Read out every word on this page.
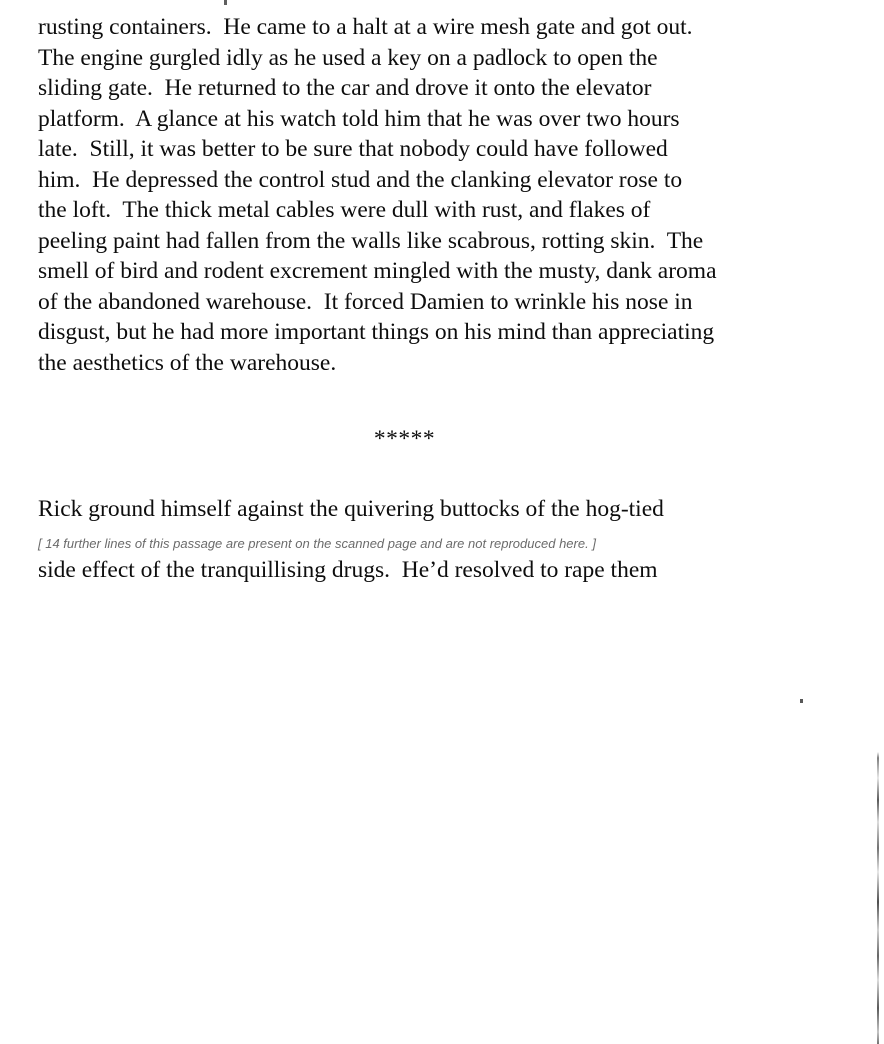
rusting containers.  He came to a halt at a wire mesh gate and got out.
The engine gurgled idly as he used a key on a padlock to open the
sliding gate.  He returned to the car and drove it onto the elevator
platform.  A glance at his watch told him that he was over two hours
late.  Still, it was better to be sure that nobody could have followed
him.  He depressed the control stud and the clanking elevator rose to
the loft.  The thick metal cables were dull with rust, and flakes of
peeling paint had fallen from the walls like scabrous, rotting skin.  The
smell of bird and rodent excrement mingled with the musty, dank aroma
of the abandoned warehouse.  It forced Damien to wrinkle his nose in
disgust, but he had more important things on his mind than appreciating
the aesthetics of the warehouse.
*****
Rick ground himself against the quivering buttocks of the hog-tied
[ 14 further lines of this passage are present on the scanned page and are not reproduced here. ]
side effect of the tranquillising drugs.  He’d resolved to rape them
